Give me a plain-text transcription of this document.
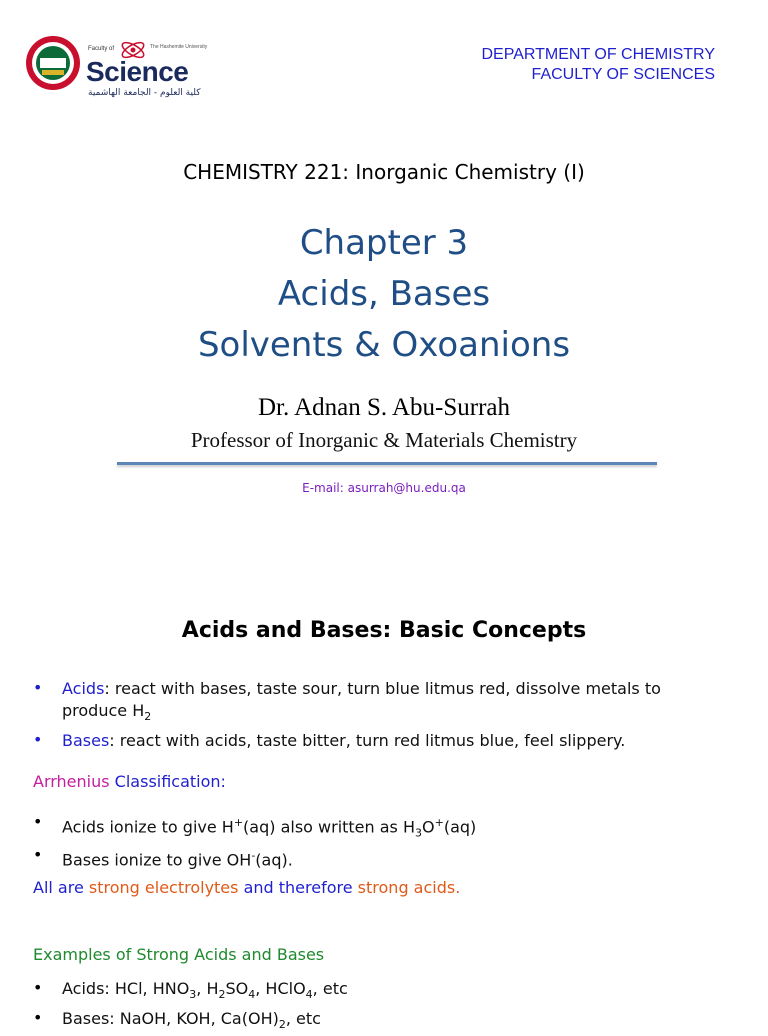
Faculty of	The Hashemite University
Science
كلية العلوم - الجامعة الهاشمية
DEPARTMENT OF CHEMISTRY
FACULTY OF SCIENCES
CHEMISTRY 221: Inorganic Chemistry (I)
Chapter 3
Acids, Bases
Solvents & Oxoanions
Dr. Adnan S. Abu-Surrah
Professor of Inorganic & Materials Chemistry
E-mail: asurrah@hu.edu.qa
Acids and Bases: Basic Concepts
• Acids: react with bases, taste sour, turn blue litmus red, dissolve metals to
produce $H_2$
• Bases: react with acids, taste bitter, turn red litmus blue, feel slippery.
Arrhenius Classification:
• Acids ionize to give H+(aq) also written as $H_3O^+(aq)$
• Bases ionize to give OH-(aq).
All are strong electrolytes and therefore strong acids.
Examples of Strong Acids and Bases
• Acids: HCl, $HNO_3$, $H_2SO_4$, HClO$_4$, etc
• Bases: NaOH, KOH, $Ca(OH)_2$, etc
